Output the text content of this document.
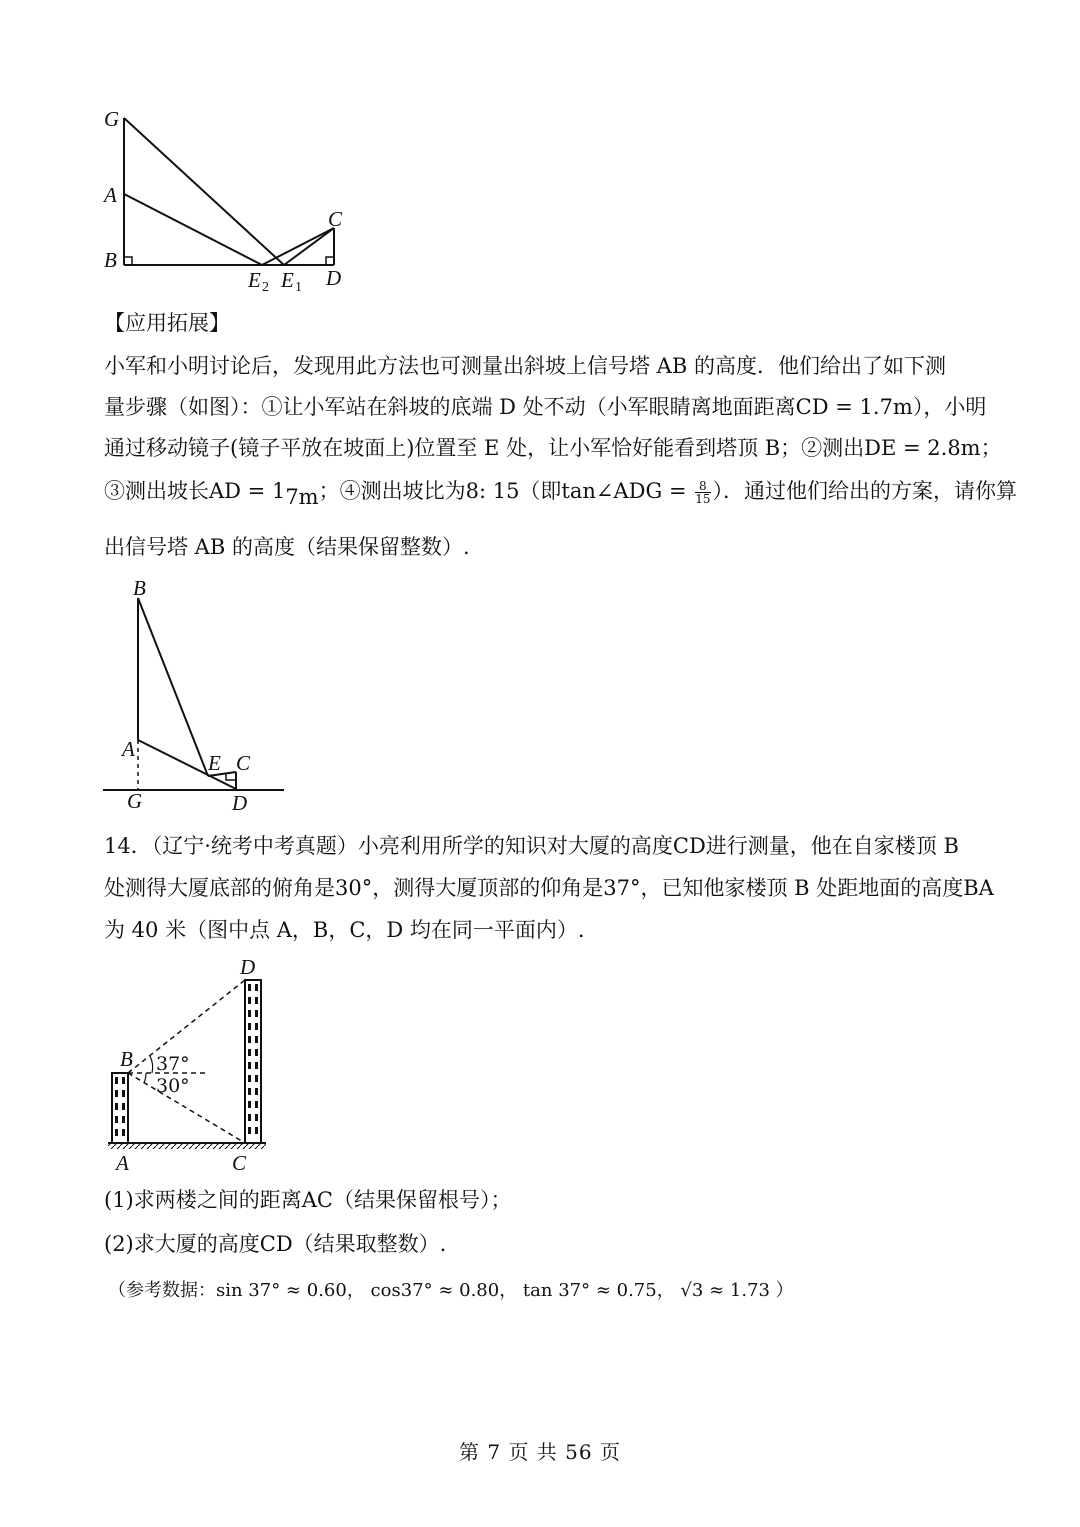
G
A
B
C
D
E 2 E 1
【应用拓展】
小军和小明讨论后，发现用此方法也可测量出斜坡上信号塔 AB 的高度．他们给出了如下测
量步骤（如图）：①让小军站在斜坡的底端 D 处不动（小军眼睛离地面距离CD = 1.7m），小明
通过移动镜子(镜子平放在坡面上)位置至 E 处，让小军恰好能看到塔顶 B；②测出DE = 2.8m；
③测出坡长AD = 17m；④测出坡比为8: 15（即tan∠ADG = $\frac{8}{15}$ ）．通过他们给出的方案，请你算
出信号塔 AB 的高度（结果保留整数）.
B
A
E C
G	D
14．（辽宁·统考中考真题）小亮利用所学的知识对大厦的高度CD进行测量，他在自家楼顶 B
处测得大厦底部的俯角是30°，测得大厦顶部的仰角是37°，已知他家楼顶 B 处距地面的高度BA
为 40 米（图中点 A，B，C，D 均在同一平面内）.
D
B
A	C
37°
30°
(1)求两楼之间的距离AC（结果保留根号）；
(2)求大厦的高度CD（结果取整数）.
（参考数据：sin 37° ≈ 0.60， cos37° ≈ 0.80， tan 37° ≈ 0.75， √3 ≈ 1.73 ）
第 7 页 共 56 页
